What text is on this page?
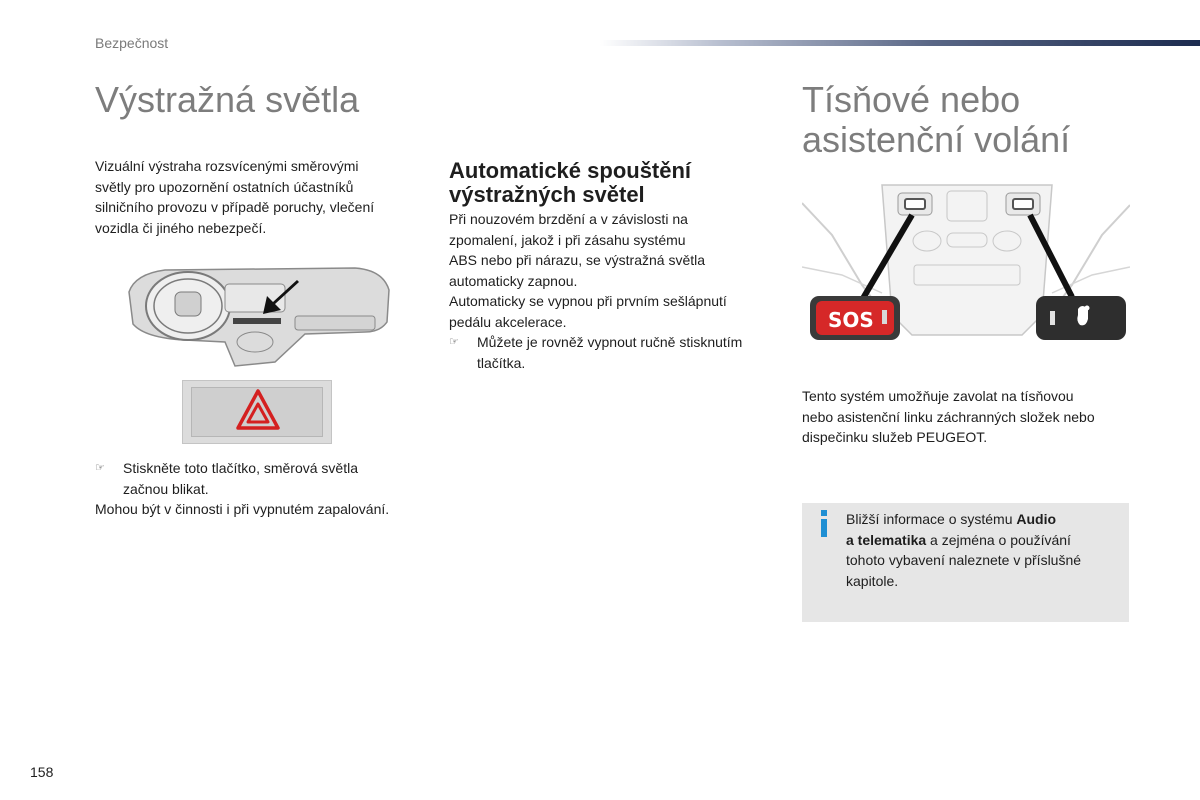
Bezpečnost
Výstražná světla
Vizuální výstraha rozsvícenými směrovými
světly pro upozornění ostatních účastníků
silničního provozu v případě poruchy, vlečení
vozidla či jiného nebezpečí.
☞	Stiskněte toto tlačítko, směrová světla
začnou blikat.
Mohou být v činnosti i při vypnutém zapalování.
Automatické spouštění
výstražných světel
Při nouzovém brzdění a v závislosti na
zpomalení, jakož i při zásahu systému
ABS nebo při nárazu, se výstražná světla
automaticky zapnou.
Automaticky se vypnou při prvním sešlápnutí
pedálu akcelerace.
☞	Můžete je rovněž vypnout ručně stisknutím
tlačítka.
Tísňové nebo
asistenční volání
SOS
Tento systém umožňuje zavolat na tísňovou
nebo asistenční linku záchranných složek nebo
dispečinku služeb PEUGEOT.
Bližší informace o systému Audio
a telematika a zejména o používání
tohoto vybavení naleznete v příslušné
kapitole.
158
